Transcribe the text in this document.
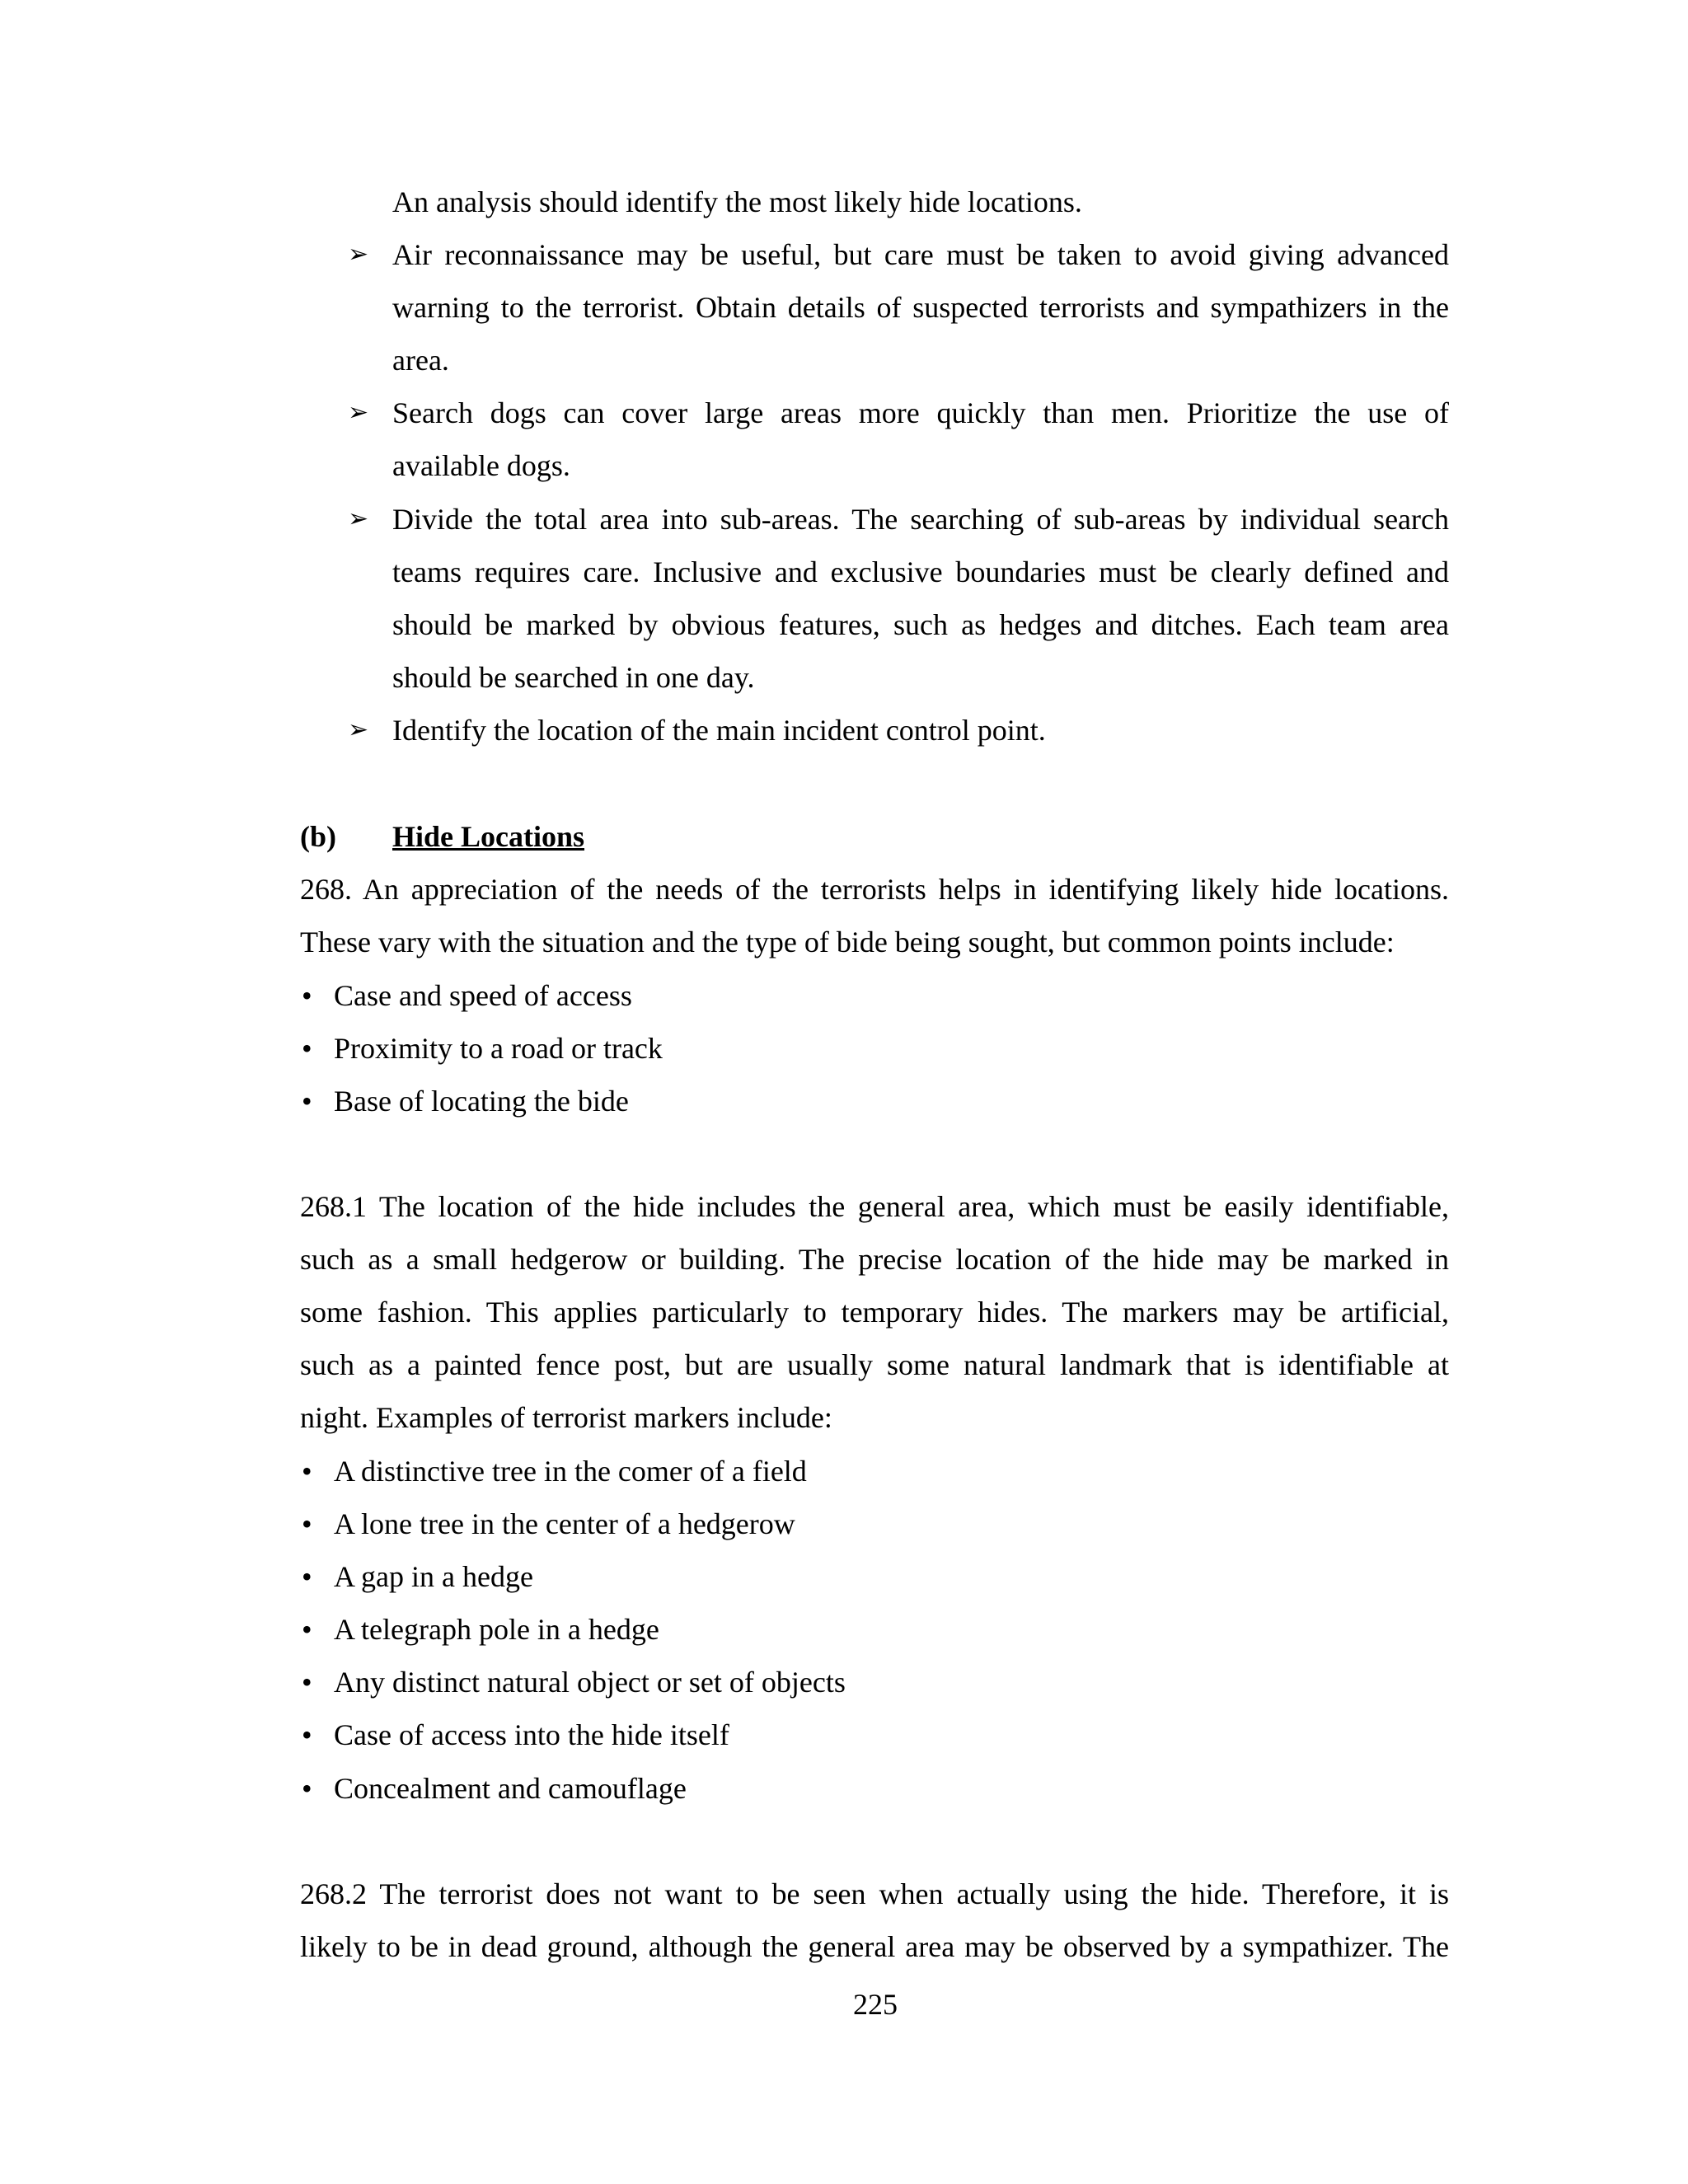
An analysis should identify the most likely hide locations.
➢ Air reconnaissance may be useful, but care must be taken to avoid giving advanced
warning to the terrorist. Obtain details of suspected terrorists and sympathizers in the
area.
➢ Search dogs can cover large areas more quickly than men. Prioritize the use of
available dogs.
➢ Divide the total area into sub-areas. The searching of sub-areas by individual search
teams requires care. Inclusive and exclusive boundaries must be clearly defined and
should be marked by obvious features, such as hedges and ditches. Each team area
should be searched in one day.
➢ Identify the location of the main incident control point.
(b) Hide Locations
268. An appreciation of the needs of the terrorists helps in identifying likely hide locations.
These vary with the situation and the type of bide being sought, but common points include:
• Case and speed of access
• Proximity to a road or track
• Base of locating the bide
268.1 The location of the hide includes the general area, which must be easily identifiable,
such as a small hedgerow or building. The precise location of the hide may be marked in
some fashion. This applies particularly to temporary hides. The markers may be artificial,
such as a painted fence post, but are usually some natural landmark that is identifiable at
night. Examples of terrorist markers include:
• A distinctive tree in the comer of a field
• A lone tree in the center of a hedgerow
• A gap in a hedge
• A telegraph pole in a hedge
• Any distinct natural object or set of objects
• Case of access into the hide itself
• Concealment and camouflage
268.2 The terrorist does not want to be seen when actually using the hide. Therefore, it is
likely to be in dead ground, although the general area may be observed by a sympathizer. The
225
